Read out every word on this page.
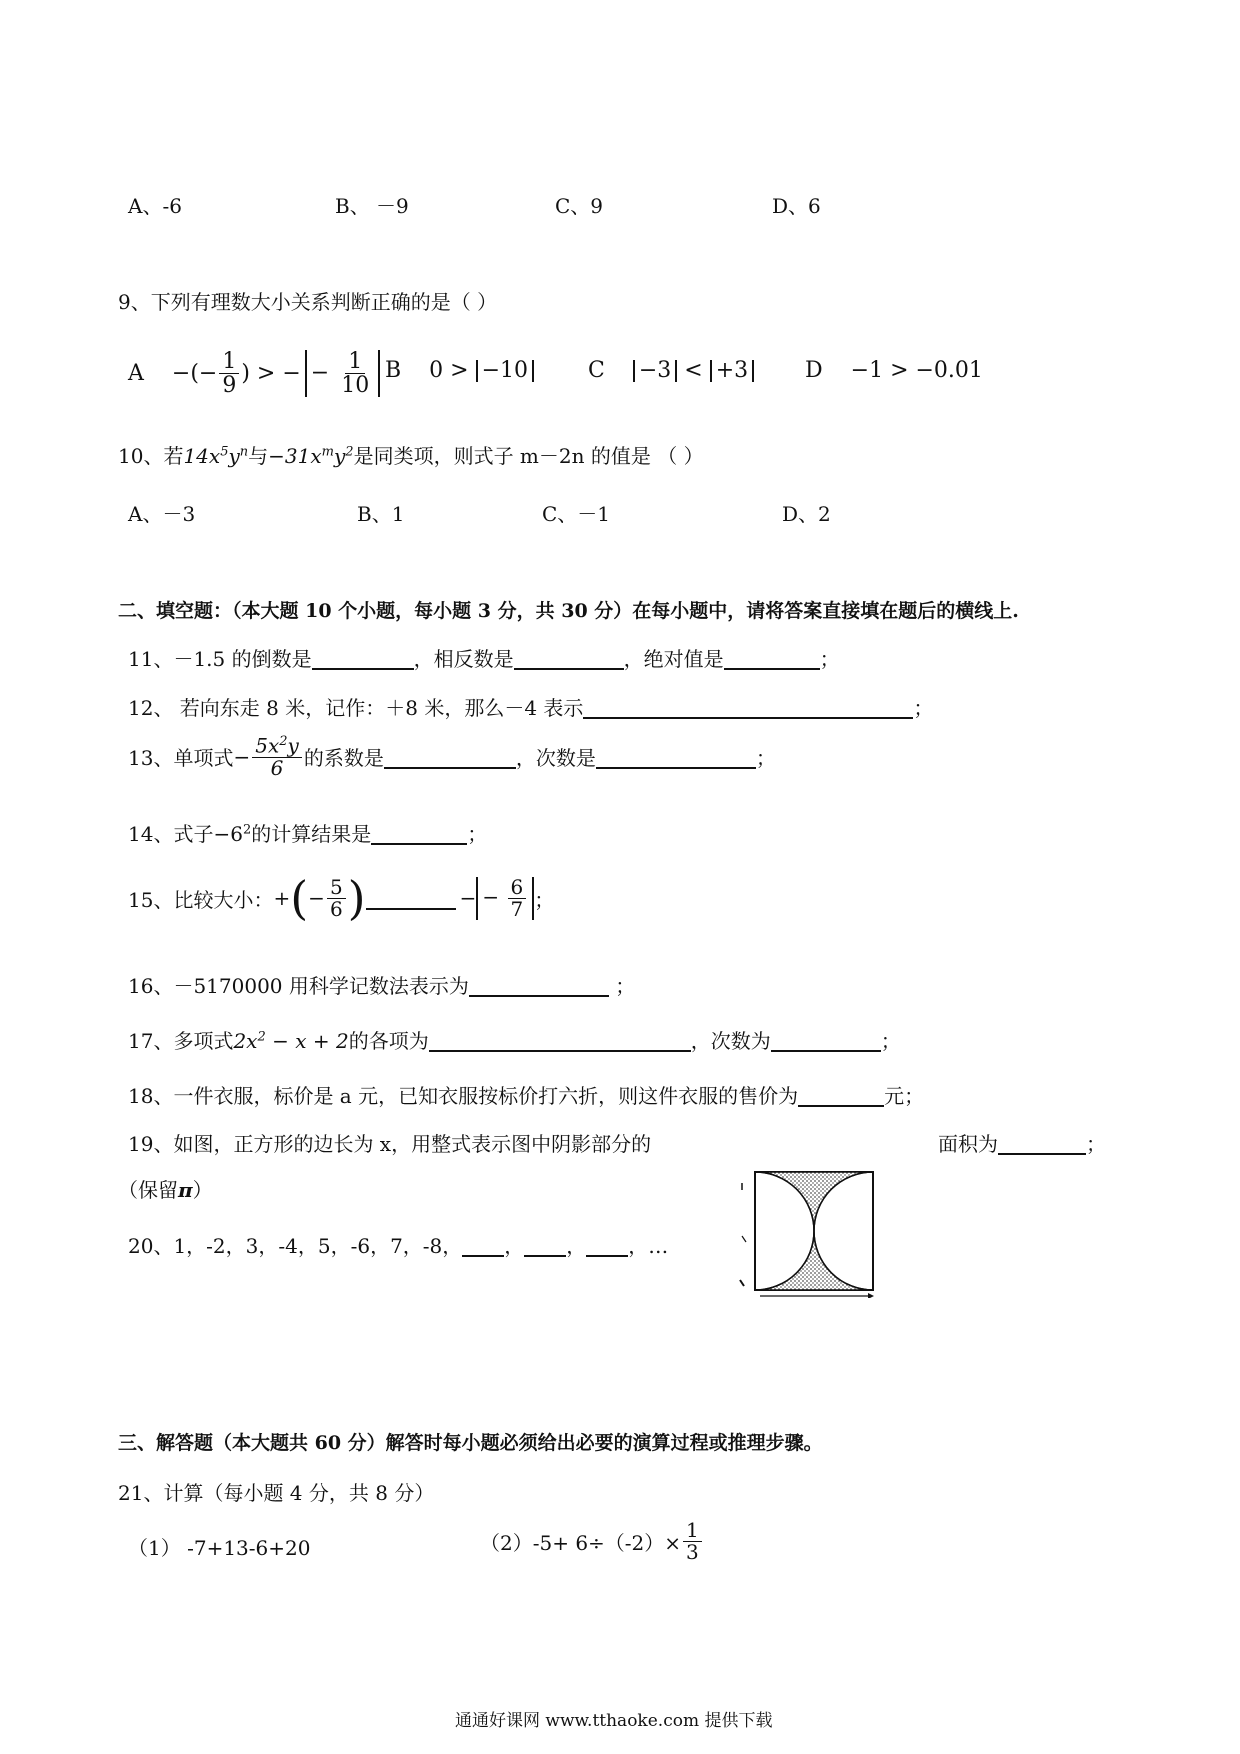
A、-6	B、 －9	C、9	D、6
9、下列有理数大小关系判断正确的是（ ）
A −(− $\frac{1}{9}$ ) > − − $\frac{1}{10}$ B 0 > −10	C −3 < +3	D −1 > −0.01
10、若$14x^5y^n$与$-31x^my^2$是同类项，则式子 m－2n 的值是 （ ）
A、－3	B、1	C、－1	D、2
二、填空题：（本大题 10 个小题，每小题 3 分，共 30 分）在每小题中，请将答案直接填在题后的横线上.
11、－1.5 的倒数是	，相反数是	，绝对值是	；
12、 若向东走 8 米，记作：＋8 米，那么－4 表示	；
13、单项式 − $\frac{5x^2y}{6}$ 的系数是	，次数是	；
14、式子$-6^2$的计算结果是	；
15、比较大小： + ( − $\frac{5}{6}$ )	− − $\frac{6}{7}$ ；
16、－5170000 用科学记数法表示为	；
17、多项式$2x^2 - x + 2$的各项为	，次数为	；
18、一件衣服，标价是 a 元，已知衣服按标价打六折，则这件衣服的售价为	元；
19、如图，正方形的边长为 x，用整式表示图中阴影部分的	面积为	；
（保留π）
20、1，-2，3，-4，5，-6，7，-8， ， ， ，…
三、解答题（本大题共 60 分）解答时每小题必须给出必要的演算过程或推理步骤。
21、计算（每小题 4 分，共 8 分）
（1） -7+13-6+20	$(2)-5+ 6\div(-2)\times \frac{1}{3}$
通通好课网 www.tthaoke.com 提供下载
